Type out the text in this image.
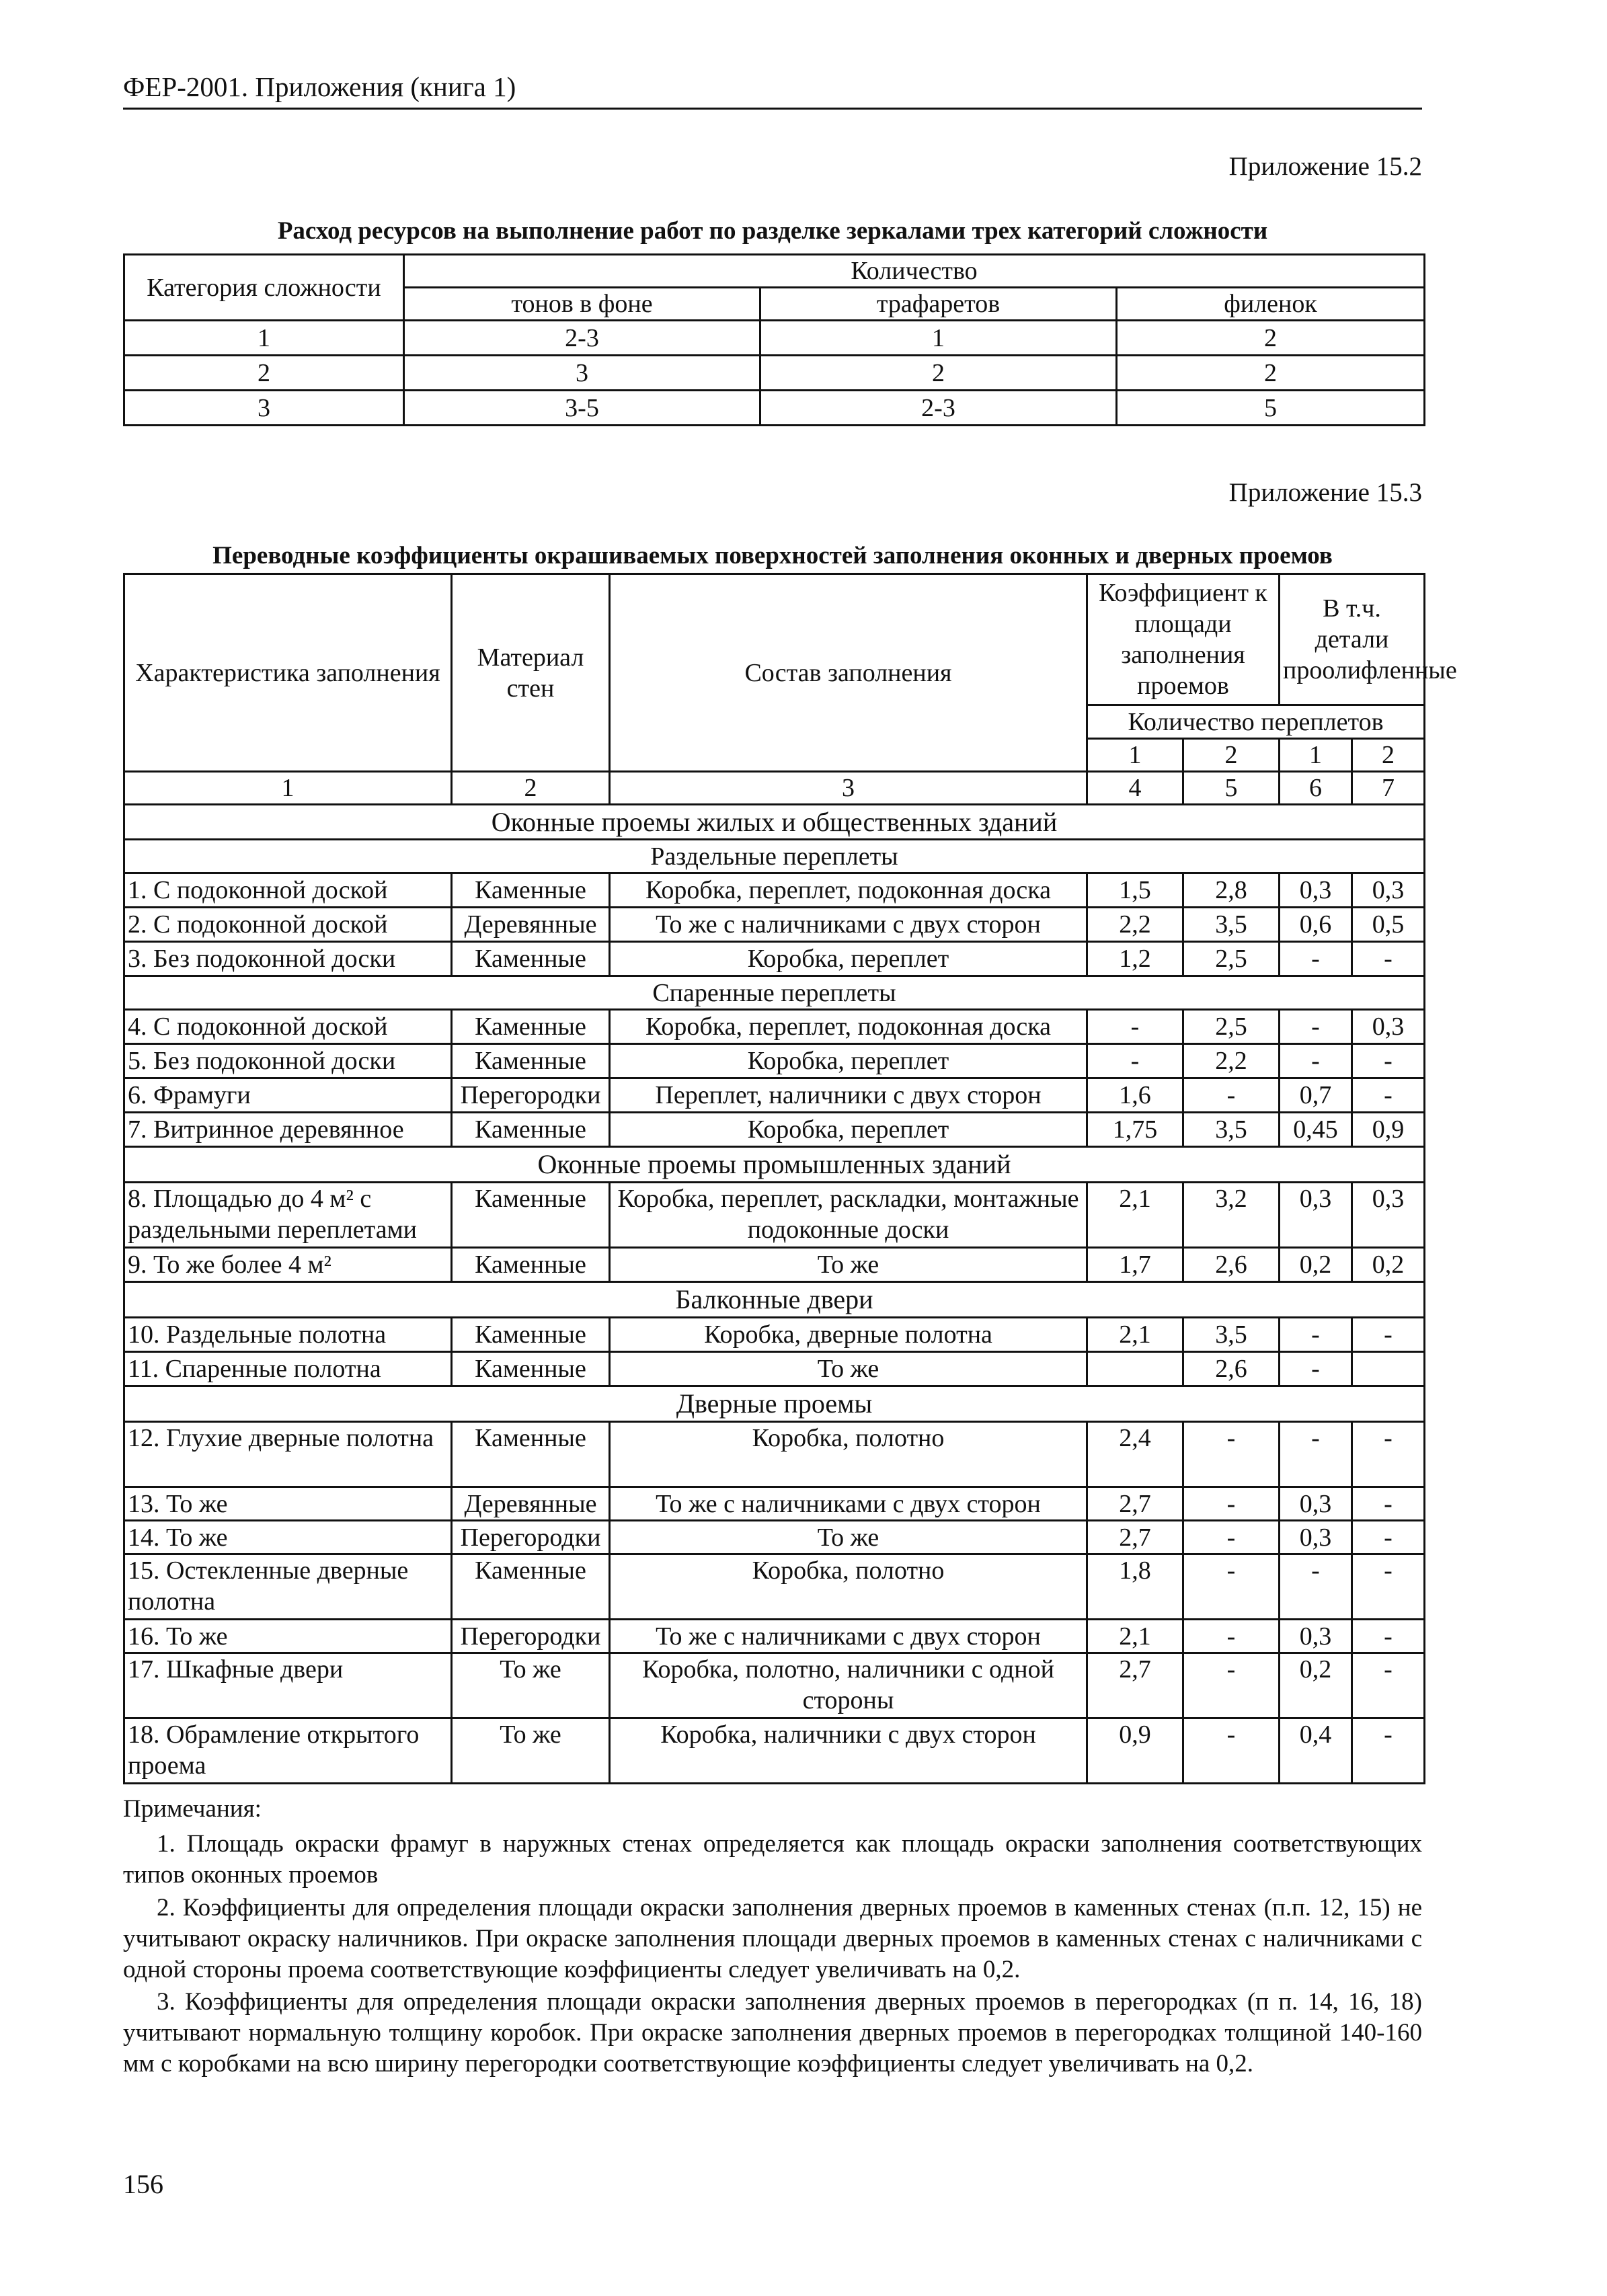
ФЕР-2001. Приложения (книга 1)
Приложение 15.2
Расход ресурсов на выполнение работ по разделке зеркалами трех категорий сложности
Категория сложности	Количество		
	тонов в фоне	трафаретов	филенок
1	2-3	1	2
2	3	2	2
3	3-5	2-3	5
Приложение 15.3
Переводные коэффициенты окрашиваемых поверхностей заполнения оконных и дверных проемов
Характеристика заполнения	Материал стен	Состав заполнения	Коэффициент к площади заполнения проемов		В т.ч. детали проолифленные	
			Количество переплетов			
			1	2	1	2
1	2	3	4	5	6	7
Оконные проемы жилых и общественных зданий						
Раздельные переплеты						
1. С подоконной доской	Каменные	Коробка, переплет, подоконная доска	1,5	2,8	0,3	0,3
2. С подоконной доской	Деревянные	То же с наличниками с двух сторон	2,2	3,5	0,6	0,5
3. Без подоконной доски	Каменные	Коробка, переплет	1,2	2,5	-	-
Спаренные переплеты						
4. С подоконной доской	Каменные	Коробка, переплет, подоконная доска	-	2,5	-	0,3
5. Без подоконной доски	Каменные	Коробка, переплет	-	2,2	-	-
6. Фрамуги	Перегородки	Переплет, наличники с двух сторон	1,6	-	0,7	-
7. Витринное деревянное	Каменные	Коробка, переплет	1,75	3,5	0,45	0,9
Оконные проемы промышленных зданий						
8. Площадью до 4 м² с раздельными переплетами	Каменные	Коробка, переплет, раскладки, монтажные подоконные доски	2,1	3,2	0,3	0,3
9. То же более 4 м²	Каменные	То же	1,7	2,6	0,2	0,2
Балконные двери						
10. Раздельные полотна	Каменные	Коробка, дверные полотна	2,1	3,5	-	-
11. Спаренные полотна	Каменные	То же		2,6	-	
Дверные проемы						
12. Глухие дверные полотна	Каменные	Коробка, полотно	2,4	-	-	-
13. То же	Деревянные	То же с наличниками с двух сторон	2,7	-	0,3	-
14. То же	Перегородки	То же	2,7	-	0,3	-
15. Остекленные дверные полотна	Каменные	Коробка, полотно	1,8	-	-	-
16. То же	Перегородки	То же с наличниками с двух сторон	2,1	-	0,3	-
17. Шкафные двери	То же	Коробка, полотно, наличники с одной стороны	2,7	-	0,2	-
18. Обрамление открытого проема	То же	Коробка, наличники с двух сторон	0,9	-	0,4	-
Примечания:
1. Площадь окраски фрамуг в наружных стенах определяется как площадь окраски заполнения соответствующих типов оконных проемов
2. Коэффициенты для определения площади окраски заполнения дверных проемов в каменных стенах (п.п. 12, 15) не учитывают окраску наличников. При окраске заполнения площади дверных проемов в каменных стенах с наличниками с одной стороны проема соответствующие коэффициенты следует увеличивать на 0,2.
3. Коэффициенты для определения площади окраски заполнения дверных проемов в перегородках (п п. 14, 16, 18) учитывают нормальную толщину коробок. При окраске заполнения дверных проемов в перегородках толщиной 140-160 мм с коробками на всю ширину перегородки соответствующие коэффициенты следует увеличивать на 0,2.
156
